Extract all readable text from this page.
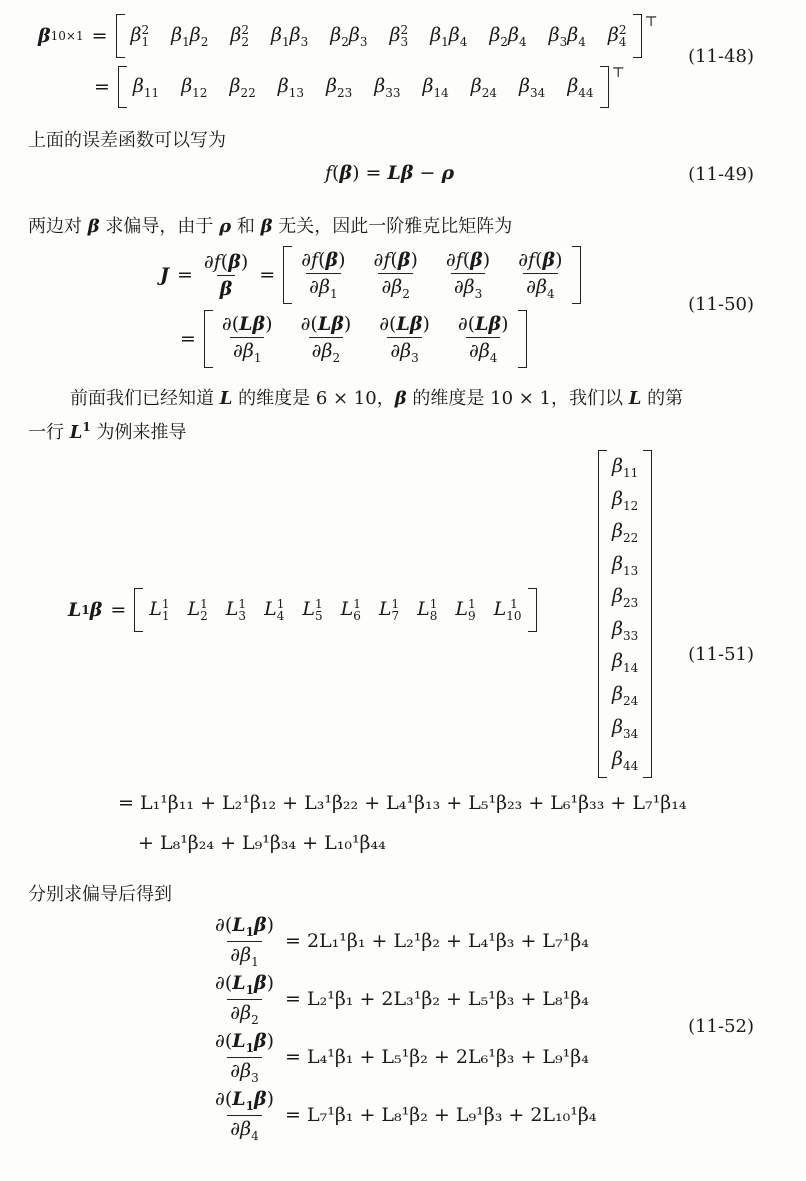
β 10×1 = β 2
1 $\beta_1\beta_2$ β 2
2 $\beta_1\beta_3$ $\beta_2\beta_3$ β 2
3 $\beta_1\beta_4$ $\beta_2\beta_4$ $\beta_3\beta_4$ β 2
4
⊤
= $\beta_{11}$ $\beta_{12}$ $\beta_{22}$ $\beta_{13}$ $\beta_{23}$ $\beta_{33}$ $\beta_{14}$ $\beta_{24}$ $\beta_{34}$ $\beta_{44}$
⊤
(11-48)
上面的误差函数可以写为
f(β) = Lβ − ρ	(11-49)
两边对 β 求偏导，由于 ρ 和 β 无关，因此一阶雅克比矩阵为
$J = \frac{\partial f(\beta)}{\beta} = \frac{\partial f(\beta)}{\partial\beta_1} \frac{\partial f(\beta)}{\partial\beta_2} \frac{\partial f(\beta)}{\partial\beta_3} \frac{\partial f(\beta)}{\partial\beta_4}$
= $\frac{\partial(L\beta)}{\partial\beta_1} \frac{\partial(L\beta)}{\partial\beta_2} \frac{\partial(L\beta)}{\partial\beta_3} \frac{\partial(L\beta)}{\partial\beta_4}$
(11-50)
前面我们已经知道 L 的维度是 6 × 10，β 的维度是 10 × 1，我们以 L 的第
一行 $L^1$ 为例来推导
L 1 β = L 1
1 L 1
2 L 1
3 L 1
4 L 1
5 L 1
6 L 1
7 L 1
8 L 1
9 L 1
10
$\beta_{11}$
$\beta_{12}$
$\beta_{22}$
$\beta_{13}$
$\beta_{23}$
$\beta_{33}$
$\beta_{14}$
$\beta_{24}$
$\beta_{34}$
$\beta_{44}$
(11-51)
= L₁¹β₁₁ + L₂¹β₁₂ + L₃¹β₂₂ + L₄¹β₁₃ + L₅¹β₂₃ + L₆¹β₃₃ + L₇¹β₁₄
+ L₈¹β₂₄ + L₉¹β₃₄ + L₁₀¹β₄₄
分别求偏导后得到
$\frac{\partial(L_1\beta)}{\partial\beta_1} = 2L_1^1\beta_1 + L_2^1\beta_2 + L_4^1\beta_3 + L_7^1\beta_4$
$\frac{\partial(L_1\beta)}{\partial\beta_2} = L_2^1\beta_1 + 2L_3^1\beta_2 + L_5^1\beta_3 + L_8^1\beta_4$
$\frac{\partial(L_1\beta)}{\partial\beta_3} = L_4^1\beta_1 + L_5^1\beta_2 + 2L_6^1\beta_3 + L_9^1\beta_4$
$\frac{\partial(L_1\beta)}{\partial\beta_4} = L_7^1\beta_1 + L_8^1\beta_2 + L_9^1\beta_3 + 2L_{10}^1\beta_4$
(11-52)
